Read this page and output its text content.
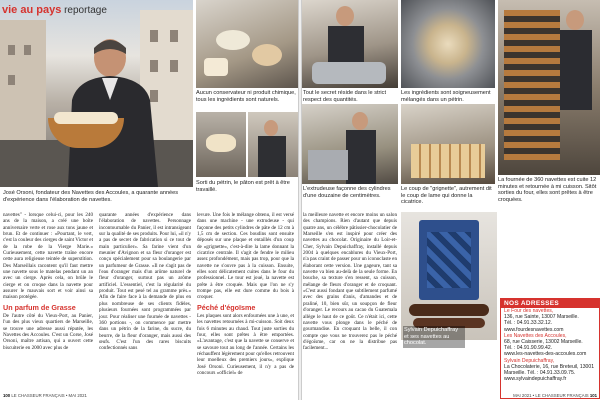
vie au pays reportage
José Orsoni, fondateur des Navettes des Accoules, a quarante années d'expérience dans l'élaboration de navettes.
Aucun conservateur ni produit chimique, tous les ingrédients sont naturels.
Sorti du pétrin, le pâton est prêt à être travaillé.

navettes" - lorsque celui-ci, pour les 240 ans de la maison, a créé une boîte anniversaire verte et rose aux tons jaune et brun. Et de continuer : «Pourtant, le vert, c'est la couleur des cierges de saint Victor et de la robe de la Vierge Marie.» Curieusement, cette navette traîne encore cette aura religieuse teintée de superstition. Des Marseillais racontent qu'il faut mettre une navette sous le matelas pendant un an avec un cierge. Après cela, on brûle le cierge et on croque dans la navette pour assurer le mauvais sort et voir ainsi sa maison protégée.

Un parfum de Grasse

De l'autre côté du Vieux-Port, au Panier, l'un des plus vieux quartiers de Marseille, se trouve une adresse aussi réputée, les Navettes des Accoules. C'est un Corse, José Orsoni, maître artisan, qui a ouvert cette biscuiterie en 2000 avec plus de

quarante années d'expérience dans l'élaboration de navettes. Personnage incontournable du Panier, il est intransigeant sur la qualité de ses produits. Pour lui, «il n'y a pas de secret de fabrication si ce tout de main particulier». Sa farine vient d'un meunier d'Avignon et sa fleur d'oranger est conçu spécialement pour sa boulangerie par un parfumeur de Grasse. «Il ne s'agit pas de l'eau d'oranger mais d'un arôme naturel de fleur d'oranger, surtout pas un arôme artificiel. L'essentiel, c'est la régularité du produit. Tout est pesé tel au gramme près.» Afin de faire face à la demande de plus en plus nombreuse de ses clients fidèles, plusieurs fournées sont programmées par jour. Pour réaliser une fournée de navettes - 360 portions -, on commence par mettre dans un pétrin de la farine, du sucre, du beurre, de la fleur d'oranger, mais aussi des œufs. C'est l'un des rares biscuits confectionnés sans

levure. Une fois le mélange obtenu, il est versé dans une machine - une extrudeuse - qui façonne des petits cylindres de pâte de 12 cm à 1,5 cm de section. Ces boudins sont ensuite déposés sur une plaque et entaillés d'un coup de «grignette», c'est-à-dire la lame donnant la cicatrice centrale. Il s'agit de fendre le milieu assez profondément, mais pas trop, pour que la navette ne s'ouvre pas à la cuisson. Ensuite, elles sont délicatement cuites dans le four du professionnel. Le tour est joué, la navette est prête à être croquée. Mais que l'on ne s'y trompe pas, elle est dure comme du bois à croquer.

Péché d'égoïsme

Les plaques sont alors enfournées une à une, et les navettes retournées à mi-cuisson. Soit deux fois 6 minutes au chaud. Tout juste sorties du four, elles sont prêtes à être emportées. «L'avantage, c'est que la navette se conserve et se savoure tout au long de l'année. Certains les réchauffent légèrement pour qu'elles retrouvent leur moelleux des premiers jours», explique José Orsoni. Curieusement, il n'y a pas de concours «officiel» de

100 LE CHASSEUR FRANÇAIS • MAI 2021
Tout le secret réside dans le strict respect des quantités.
Les ingrédients sont soigneusement mélangés dans un pétrin.
La fournée de 360 navettes est cuite 12 minutes et retournée à mi cuisson. Sitôt sorties du four, elles sont prêtes à être croquées.
L'extrudeuse façonne des cylindres d'une douzaine de centimètres.
Le coup de "grignette", autrement dit le coup de lame qui donne la cicatrice.

la meilleure navette et encore moins un salon des champions. Rien d'autant que depuis quatre ans, un célèbre pâtissier-chocolatier de Marseille s'en est inspiré pour créer des navettes au chocolat. Originaire du Loir-et-Cher, Sylvain Depuichaffray, installé depuis 2004 à quelques encablures du Vieux-Port, n'a pas craint de passer pour un iconoclaste en élaborant cette version. Une gageure, tant sa navette va bien au-delà de la seule forme. En bouche, sa texture s'en ressent, sa cuisson, mélange de fleurs d'oranger et de croquant. «C'est aussi fondant que subtilement parfumé avec des grains d'anis, d'amandes et de praliné, 10, bien sûr, un soupçon de fleur d'oranger. Le recours au cacao du Guatemala allège le haut de ce goût. Ce n'était ici, cette navette vous plonge dans le péché de gourmandise. En croquant la belle, il con compte que vous ne trouverez pas le péché d'égoïsme, car on ne la distribue pas facilement...

Sylvain Depuichaffray et ses navettes au chocolat.
NOS ADRESSES
Le Four des navettes,
136, rue Sainte, 13007 Marseille.
Tél. : 04.91.33.32.12.
www.fourdesnavettes.com
Les Navettes des Accoules,
68, rue Caisserie, 13002 Marseille.
Tél. : 04.91.90.99.42.
www.les-navettes-des-accoules.com
Sylvain Depuichaffray,
La Chocolaterie, 16, rue Breteuil, 13001 Marseille. Tél. : 04.91.33.09.75.
www.sylvaindepuichaffray.fr
MAI 2021 • LE CHASSEUR FRANÇAIS 101
